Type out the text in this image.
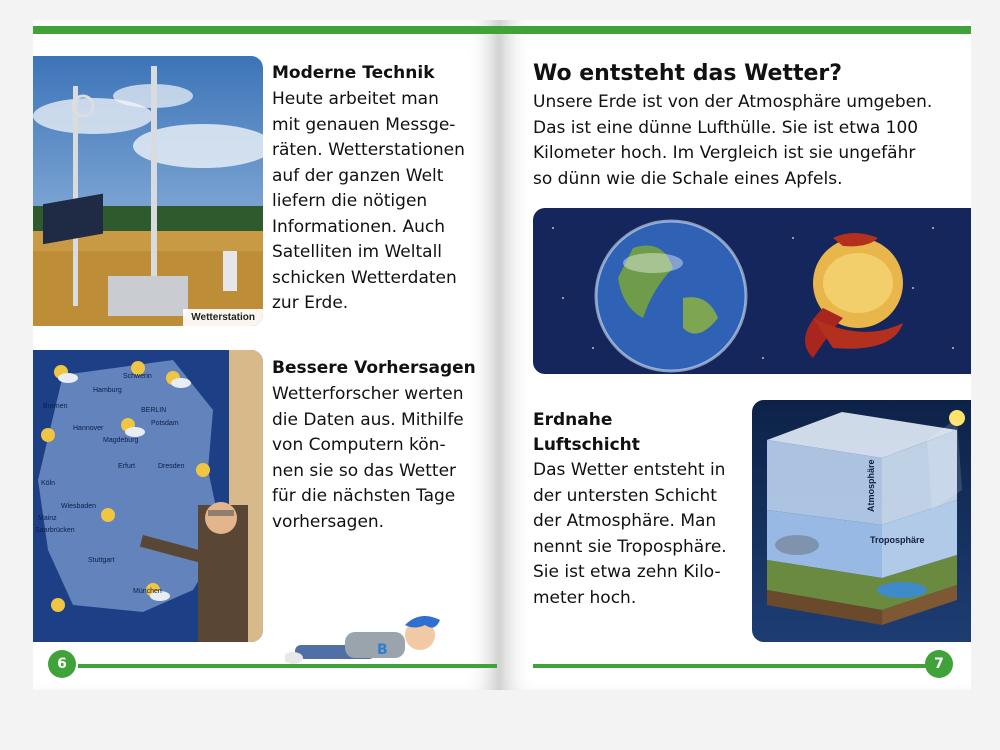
Wetterstation
Moderne Technik
Heute arbeitet man
mit genauen Messge-
räten. Wetterstationen
auf der ganzen Welt
liefern die nötigen
Informationen. Auch
Satelliten im Weltall
schicken Wetterdaten
zur Erde.
Hamburg
Schwerin
Bremen
Hannover
BERLIN
Potsdam
Magdeburg
Erfurt	Dresden
Wiesbaden
Mainz
Saarbrücken
Stuttgart
München
Köln
Bessere Vorhersagen
Wetterforscher werten
die Daten aus. Mithilfe
von Computern kön-
nen sie so das Wetter
für die nächsten Tage
vorhersagen.
B
6
Wo entsteht das Wetter?
Unsere Erde ist von der Atmosphäre umgeben.
Das ist eine dünne Lufthülle. Sie ist etwa 100
Kilometer hoch. Im Vergleich ist sie ungefähr
so dünn wie die Schale eines Apfels.
Erdnahe
Luftschicht
Das Wetter entsteht in
der untersten Schicht
der Atmosphäre. Man
nennt sie Troposphäre.
Sie ist etwa zehn Kilo-
meter hoch.
Atmosphäre
Troposphäre
7
